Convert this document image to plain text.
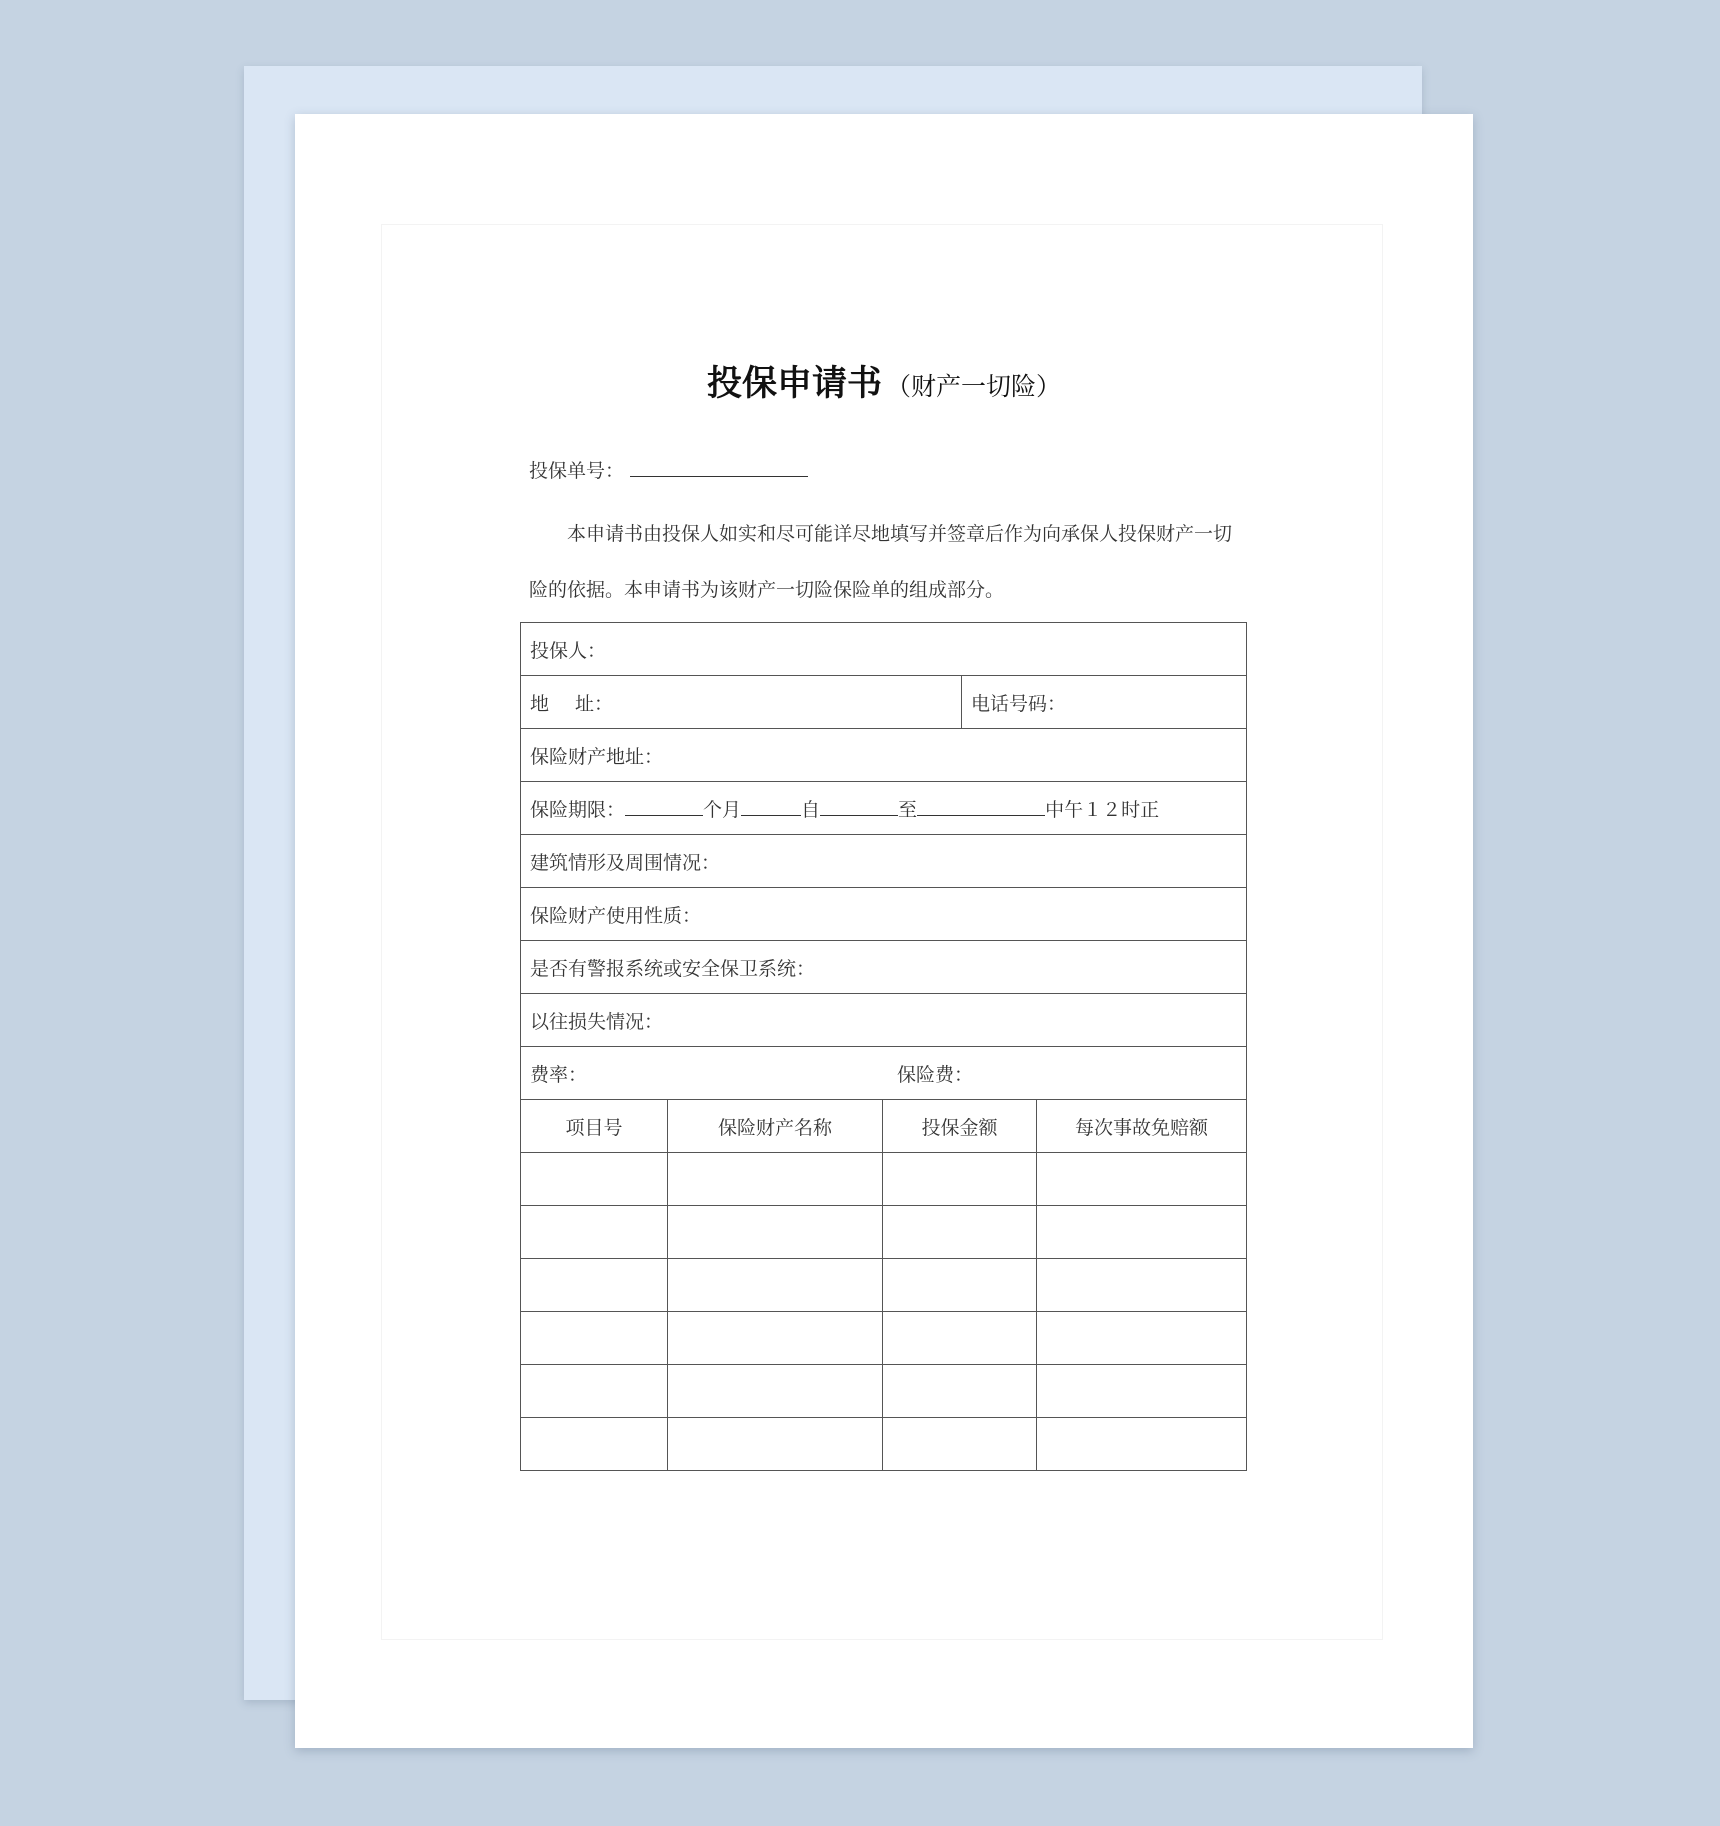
投保申请书 （财产一切险）
投保单号：

本申请书由投保人如实和尽可能详尽地填写并签章后作为向承保人投保财产一切险的依据。本申请书为该财产一切险保险单的组成部分。

投保人：				
地 址：			电话号码：	
保险财产地址：				
保险期限： 个月 自 至 中午１２时正				
建筑情形及周围情况：				
保险财产使用性质：				
是否有警报系统或安全保卫系统：				
以往损失情况：				
费率： 保险费：				
项目号	保险财产名称	投保金额		每次事故免赔额
